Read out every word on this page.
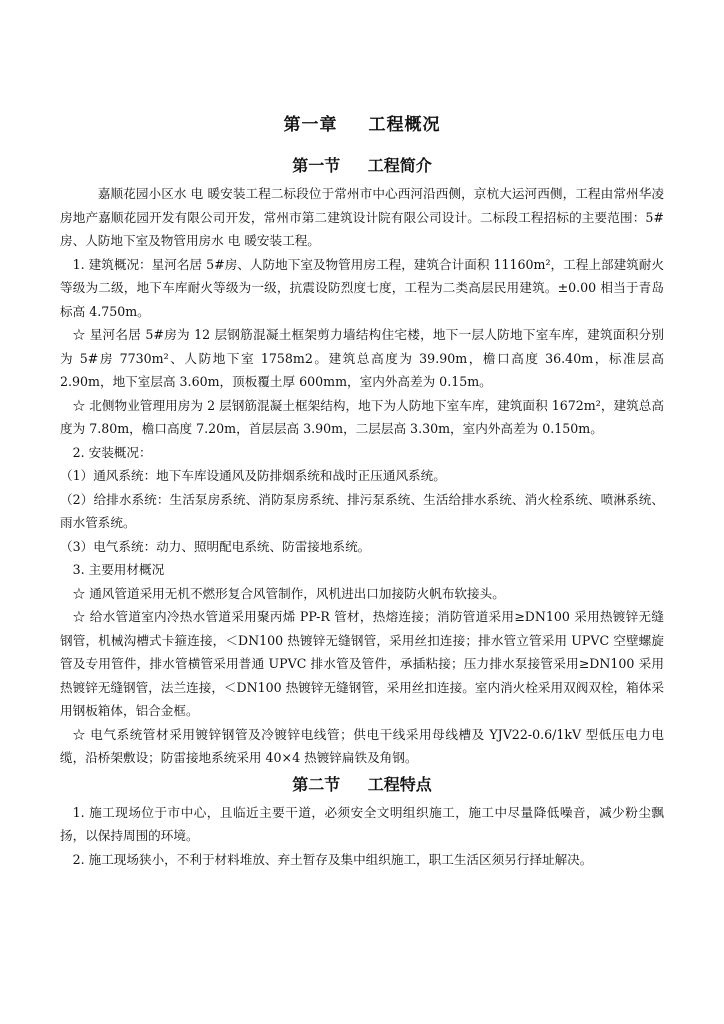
第一章 工程概况
第一节 工程简介

嘉顺花园小区水 电 暖安装工程二标段位于常州市中心西河沿西侧，京杭大运河西侧，工程由常州华凌房地产嘉顺花园开发有限公司开发，常州市第二建筑设计院有限公司设计。二标段工程招标的主要范围：5#房、人防地下室及物管用房水 电 暖安装工程。

1. 建筑概况：星河名居 5#房、人防地下室及物管用房工程，建筑合计面积 11160m²，工程上部建筑耐火等级为二级，地下车库耐火等级为一级，抗震设防烈度七度，工程为二类高层民用建筑。±0.00 相当于青岛标高 4.750m。

☆ 星河名居 5#房为 12 层钢筋混凝土框架剪力墙结构住宅楼，地下一层人防地下室车库，建筑面积分别为 5#房 7730m²、人防地下室 1758m2。建筑总高度为 39.90m，檐口高度 36.40m，标准层高 2.90m，地下室层高 3.60m，顶板覆土厚 600mm，室内外高差为 0.15m。

☆ 北侧物业管理用房为 2 层钢筋混凝土框架结构，地下为人防地下室车库，建筑面积 1672m²，建筑总高度为 7.80m，檐口高度 7.20m，首层层高 3.90m，二层层高 3.30m，室内外高差为 0.150m。

2. 安装概况：

（1）通风系统：地下车库设通风及防排烟系统和战时正压通风系统。

（2）给排水系统：生活泵房系统、消防泵房系统、排污泵系统、生活给排水系统、消火栓系统、喷淋系统、雨水管系统。

（3）电气系统：动力、照明配电系统、防雷接地系统。

3. 主要用材概况

☆ 通风管道采用无机不燃形复合风管制作，风机进出口加接防火帆布软接头。

☆ 给水管道室内冷热水管道采用聚丙烯 PP-R 管材，热熔连接；消防管道采用≥DN100 采用热镀锌无缝钢管，机械沟槽式卡箍连接，＜DN100 热镀锌无缝钢管，采用丝扣连接；排水管立管采用 UPVC 空壁螺旋管及专用管件，排水管横管采用普通 UPVC 排水管及管件，承插粘接；压力排水泵接管采用≥DN100 采用热镀锌无缝钢管，法兰连接，＜DN100 热镀锌无缝钢管，采用丝扣连接。室内消火栓采用双阀双栓，箱体采用钢板箱体，铝合金框。

☆ 电气系统管材采用镀锌钢管及冷镀锌电线管；供电干线采用母线槽及 YJV22-0.6/1kV 型低压电力电缆，沿桥架敷设；防雷接地系统采用 40×4 热镀锌扁铁及角钢。

第二节 工程特点

1. 施工现场位于市中心，且临近主要干道，必须安全文明组织施工，施工中尽量降低噪音，减少粉尘飘扬，以保持周围的环境。

2. 施工现场狭小，不利于材料堆放、弃土暂存及集中组织施工，职工生活区须另行择址解决。
